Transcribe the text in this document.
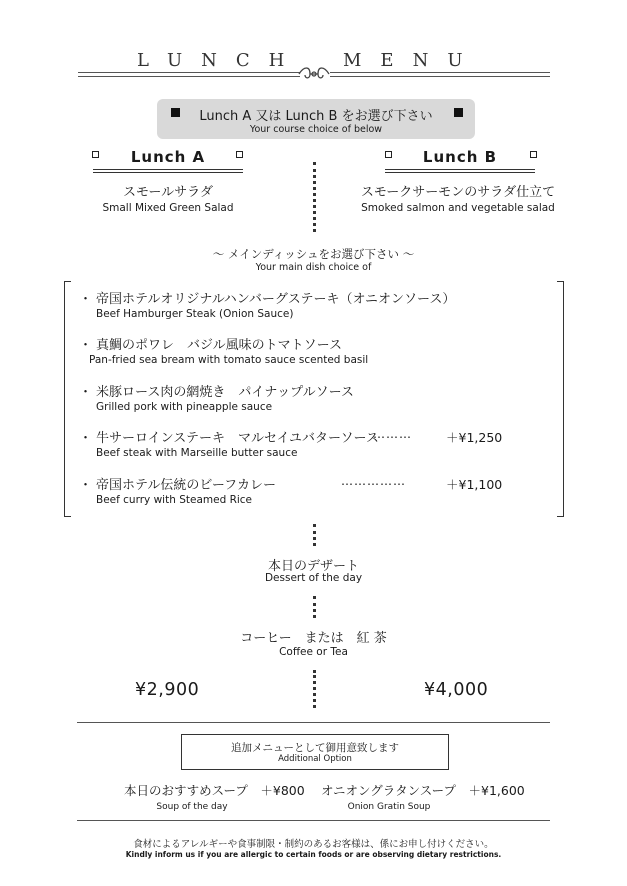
LUNCH MENU
Lunch A 又は Lunch B をお選び下さい
Your course choice of below
Lunch A	Lunch B
スモールサラダ
Small Mixed Green Salad
スモークサーモンのサラダ仕立て
Smoked salmon and vegetable salad
～ メインディッシュをお選び下さい ～
Your main dish choice of
・ 帝国ホテルオリジナルハンバーグステーキ（オニオンソース）
Beef Hamburger Steak (Onion Sauce)
・ 真鯛のポワレ　バジル風味のトマトソース
Pan-fried sea bream with tomato sauce scented basil
・ 米豚ロース肉の網焼き　パイナップルソース
Grilled pork with pineapple sauce
・ 牛サーロインステーキ　マルセイユバターソース
………	＋¥1,250
Beef steak with Marseille butter sauce
・ 帝国ホテル伝統のビーフカレー	……………	＋¥1,100
Beef curry with Steamed Rice
本日のデザート
Dessert of the day
コーヒー　または　紅 茶
Coffee or Tea
¥2,900	¥4,000
追加メニューとして御用意致します
Additional Option
本日のおすすめスープ　＋¥800
Soup of the day
オニオングラタンスープ　＋¥1,600
Onion Gratin Soup
食材によるアレルギーや食事制限・制約のあるお客様は、係にお申し付けください。
Kindly inform us if you are allergic to certain foods or are observing dietary restrictions.
